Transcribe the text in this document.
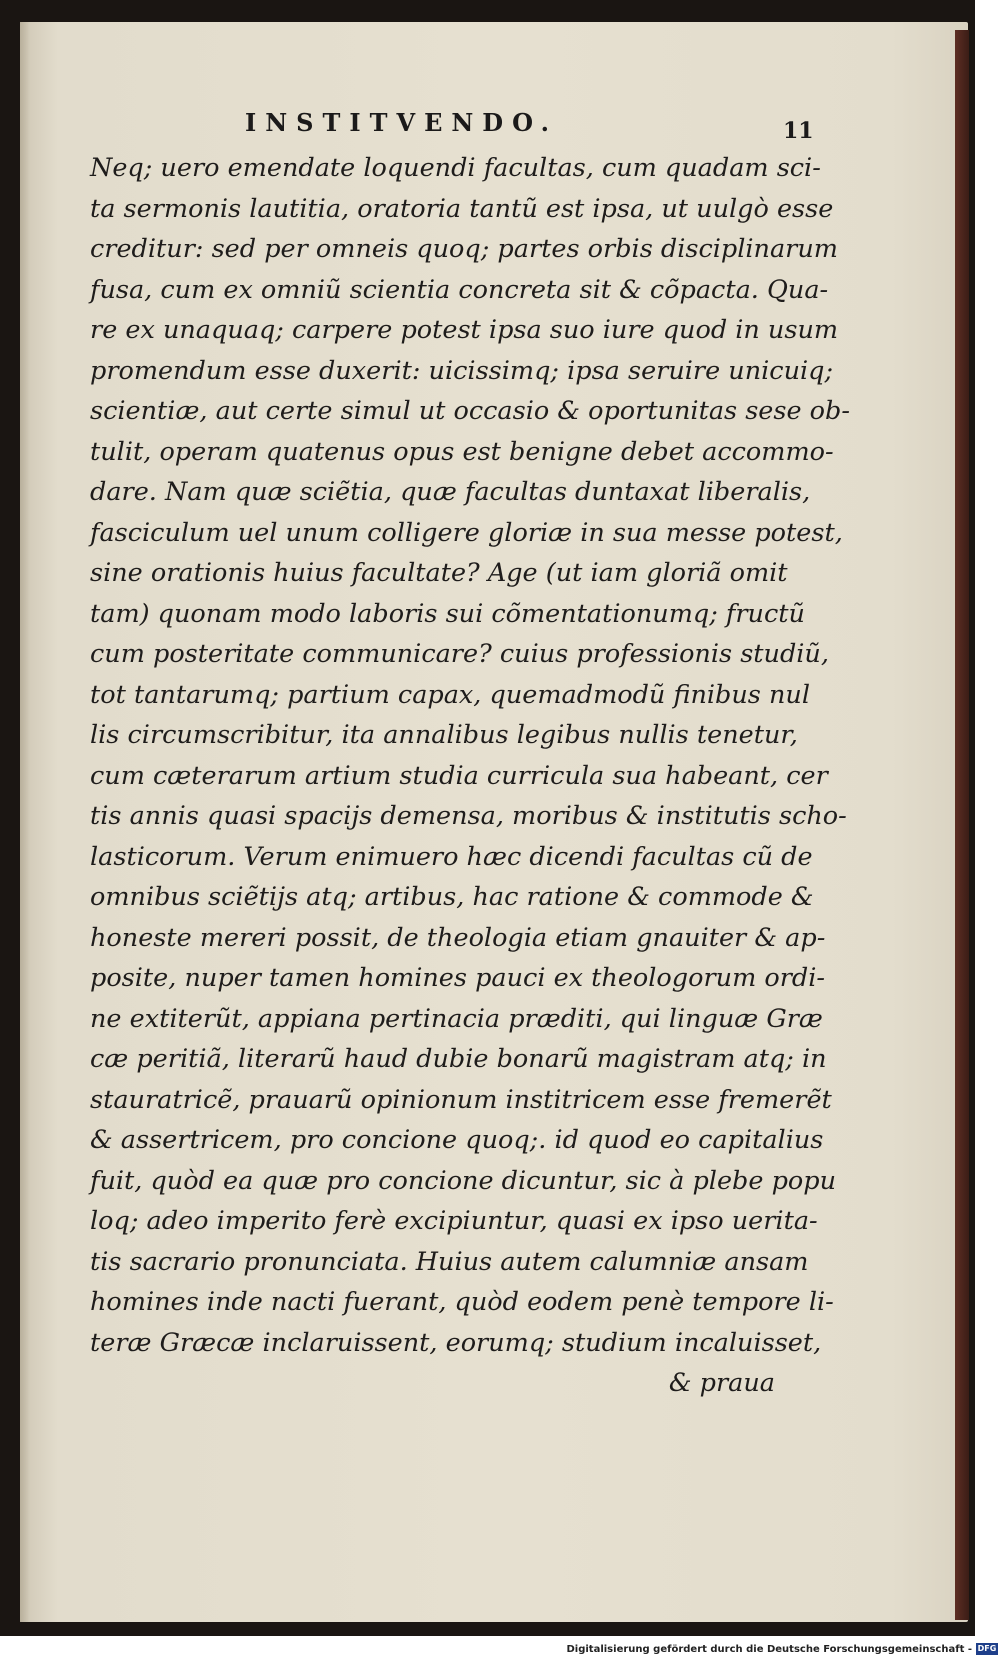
INSTITVENDO.	11
Neq; uero emendate loquendi facultas, cum quadam sci-
ta sermonis lautitia, oratoria tantũ est ipsa, ut uulgò esse
creditur: sed per omneis quoq; partes orbis disciplinarum
fusa, cum ex omniũ scientia concreta sit & cõpacta. Qua-
re ex unaquaq; carpere potest ipsa suo iure quod in usum
promendum esse duxerit: uicissimq; ipsa seruire unicuiq;
scientiæ, aut certe simul ut occasio & oportunitas sese ob-
tulit, operam quatenus opus est benigne debet accommo-
dare. Nam quæ sciẽtia, quæ facultas duntaxat liberalis,
fasciculum uel unum colligere gloriæ in sua messe potest,
sine orationis huius facultate? Age (ut iam gloriã omit
tam) quonam modo laboris sui cõmentationumq; fructũ
cum posteritate communicare? cuius professionis studiũ,
tot tantarumq; partium capax, quemadmodũ finibus nul
lis circumscribitur, ita annalibus legibus nullis tenetur,
cum cæterarum artium studia curricula sua habeant, cer
tis annis quasi spacijs demensa, moribus & institutis scho-
lasticorum. Verum enimuero hæc dicendi facultas cũ de
omnibus sciẽtijs atq; artibus, hac ratione & commode &
honeste mereri possit, de theologia etiam gnauiter & ap-
posite, nuper tamen homines pauci ex theologorum ordi-
ne extiterũt, appiana pertinacia præditi, qui linguæ Græ
cæ peritiã, literarũ haud dubie bonarũ magistram atq; in
stauratricẽ, prauarũ opinionum institricem esse fremerẽt
& assertricem, pro concione quoq;. id quod eo capitalius
fuit, quòd ea quæ pro concione dicuntur, sic à plebe popu
loq; adeo imperito ferè excipiuntur, quasi ex ipso uerita-
tis sacrario pronunciata. Huius autem calumniæ ansam
homines inde nacti fuerant, quòd eodem penè tempore li-
teræ Græcæ inclaruissent, eorumq; studium incaluisset,
& praua
Digitalisierung gefördert durch die Deutsche Forschungsgemeinschaft - DFG
